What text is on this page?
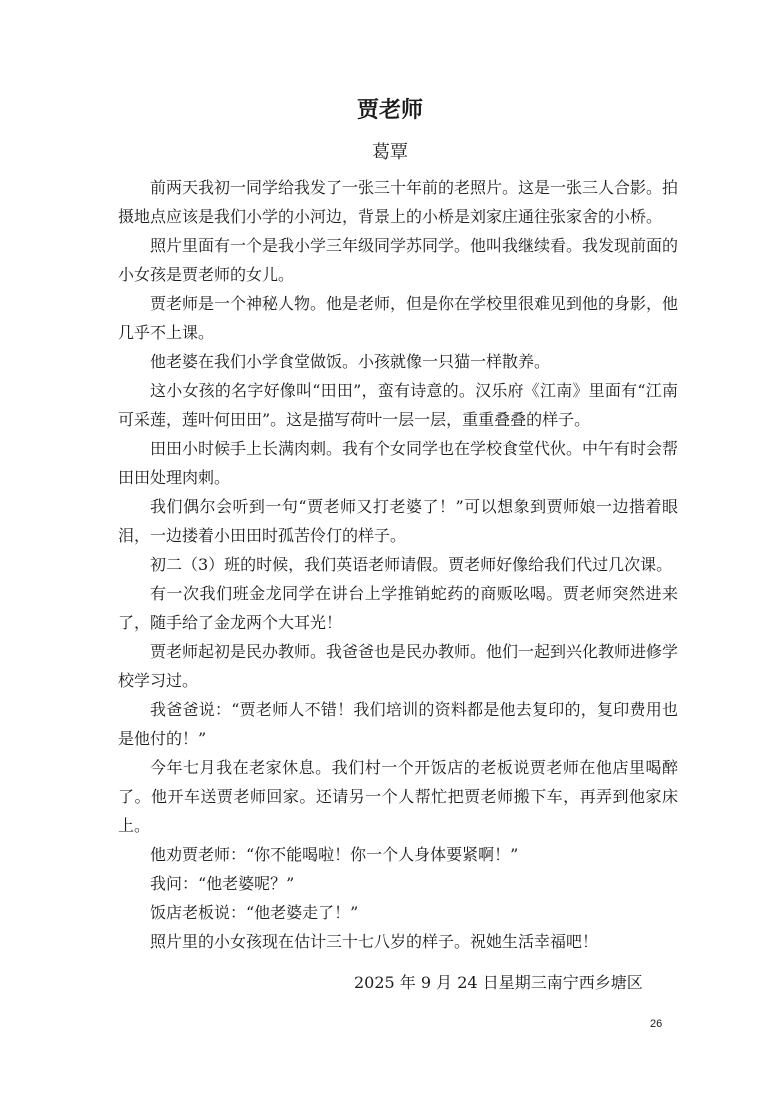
贾老师
葛覃

前两天我初一同学给我发了一张三十年前的老照片。这是一张三人合影。拍摄地点应该是我们小学的小河边，背景上的小桥是刘家庄通往张家舍的小桥。

照片里面有一个是我小学三年级同学苏同学。他叫我继续看。我发现前面的小女孩是贾老师的女儿。

贾老师是一个神秘人物。他是老师，但是你在学校里很难见到他的身影，他几乎不上课。

他老婆在我们小学食堂做饭。小孩就像一只猫一样散养。

这小女孩的名字好像叫“田田”，蛮有诗意的。汉乐府《江南》里面有“江南可采莲，莲叶何田田”。这是描写荷叶一层一层，重重叠叠的样子。

田田小时候手上长满肉刺。我有个女同学也在学校食堂代伙。中午有时会帮田田处理肉刺。

我们偶尔会听到一句“贾老师又打老婆了！”可以想象到贾师娘一边揩着眼泪，一边搂着小田田时孤苦伶仃的样子。

初二（3）班的时候，我们英语老师请假。贾老师好像给我们代过几次课。

有一次我们班金龙同学在讲台上学推销蛇药的商贩吆喝。贾老师突然进来了，随手给了金龙两个大耳光！

贾老师起初是民办教师。我爸爸也是民办教师。他们一起到兴化教师进修学校学习过。

我爸爸说：“贾老师人不错！我们培训的资料都是他去复印的，复印费用也是他付的！”

今年七月我在老家休息。我们村一个开饭店的老板说贾老师在他店里喝醉了。他开车送贾老师回家。还请另一个人帮忙把贾老师搬下车，再弄到他家床上。

他劝贾老师：“你不能喝啦！你一个人身体要紧啊！”

我问：“他老婆呢？”

饭店老板说：“他老婆走了！”

照片里的小女孩现在估计三十七八岁的样子。祝她生活幸福吧！

2025 年 9 月 24 日星期三南宁西乡塘区
26
